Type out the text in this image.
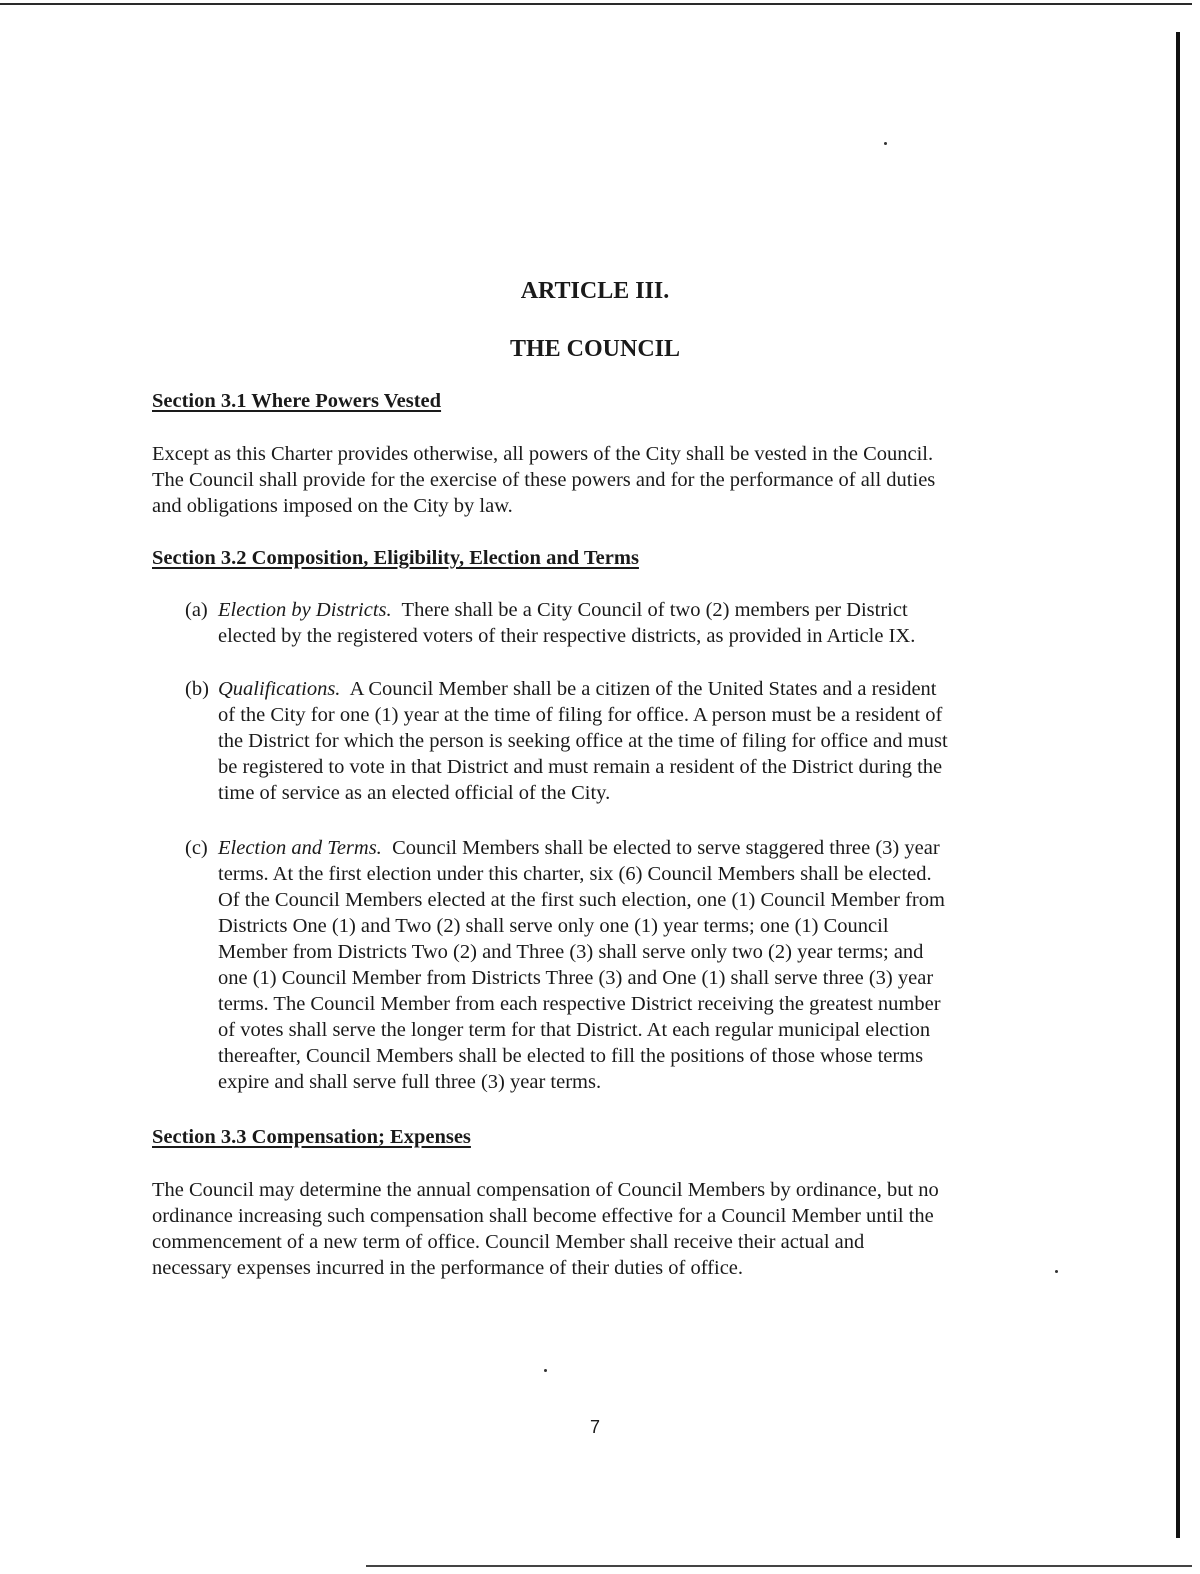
ARTICLE III.
THE COUNCIL
Section 3.1 Where Powers Vested
Except as this Charter provides otherwise, all powers of the City shall be vested in the Council.
The Council shall provide for the exercise of these powers and for the performance of all duties
and obligations imposed on the City by law.
Section 3.2 Composition, Eligibility, Election and Terms
(a) Election by Districts. There shall be a City Council of two (2) members per District
elected by the registered voters of their respective districts, as provided in Article IX.
(b) Qualifications. A Council Member shall be a citizen of the United States and a resident
of the City for one (1) year at the time of filing for office. A person must be a resident of
the District for which the person is seeking office at the time of filing for office and must
be registered to vote in that District and must remain a resident of the District during the
time of service as an elected official of the City.
(c) Election and Terms. Council Members shall be elected to serve staggered three (3) year
terms. At the first election under this charter, six (6) Council Members shall be elected.
Of the Council Members elected at the first such election, one (1) Council Member from
Districts One (1) and Two (2) shall serve only one (1) year terms; one (1) Council
Member from Districts Two (2) and Three (3) shall serve only two (2) year terms; and
one (1) Council Member from Districts Three (3) and One (1) shall serve three (3) year
terms. The Council Member from each respective District receiving the greatest number
of votes shall serve the longer term for that District. At each regular municipal election
thereafter, Council Members shall be elected to fill the positions of those whose terms
expire and shall serve full three (3) year terms.
Section 3.3 Compensation; Expenses
The Council may determine the annual compensation of Council Members by ordinance, but no
ordinance increasing such compensation shall become effective for a Council Member until the
commencement of a new term of office. Council Member shall receive their actual and
necessary expenses incurred in the performance of their duties of office.
7
